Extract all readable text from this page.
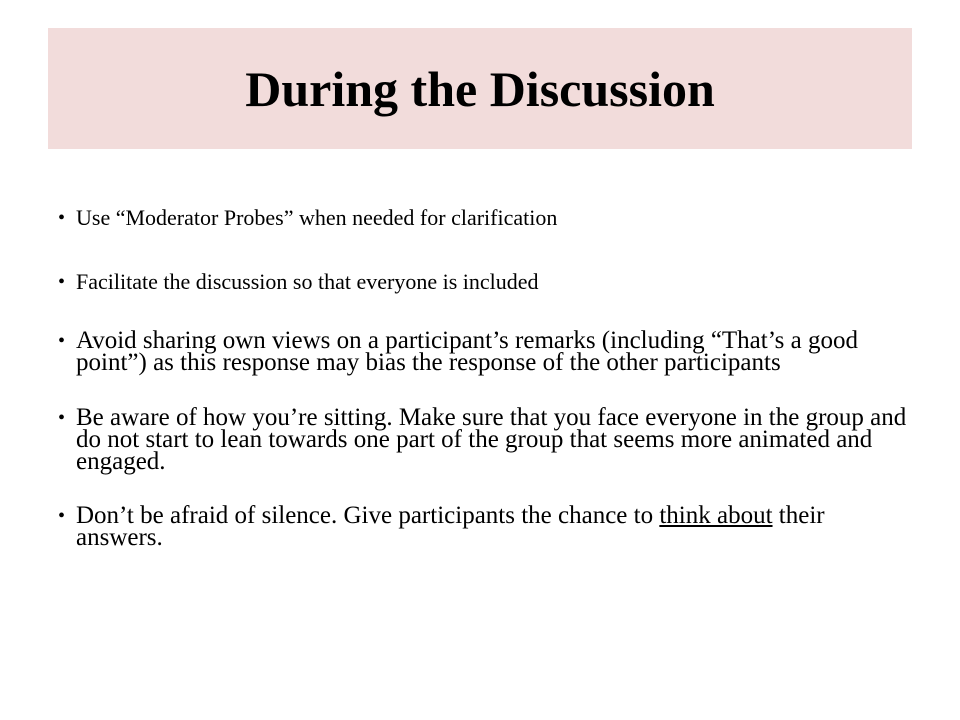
During the Discussion
• Use “Moderator Probes” when needed for clarification
• Facilitate the discussion so that everyone is included
• Avoid sharing own views on a participant’s remarks (including “That’s a good point”) as this response may bias the response of the other participants
• Be aware of how you’re sitting. Make sure that you face everyone in the group and do not start to lean towards one part of the group that seems more animated and engaged.
• Don’t be afraid of silence. Give participants the chance to think about their answers.
